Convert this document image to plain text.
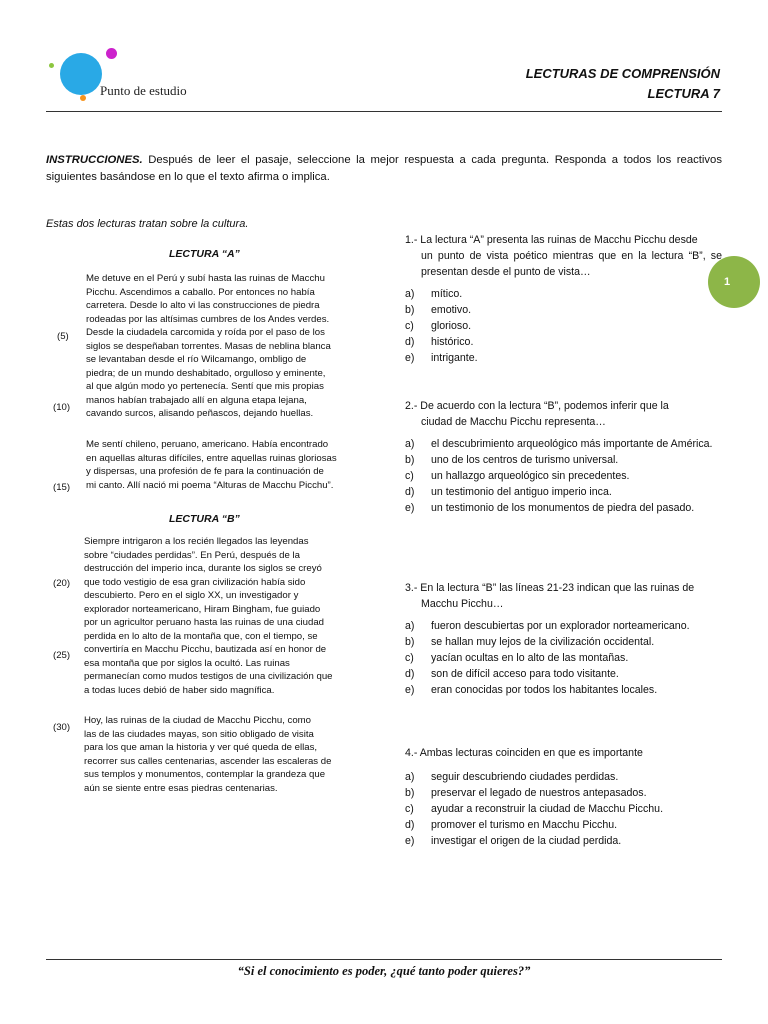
Punto de estudio
LECTURAS DE COMPRENSIÓN
LECTURA 7
1
INSTRUCCIONES. Después de leer el pasaje, seleccione la mejor respuesta a cada pregunta. Responda a todos los reactivos siguientes basándose en lo que el texto afirma o implica.
Estas dos lecturas tratan sobre la cultura.
LECTURA “A”
Me detuve en el Perú y subí hasta las ruinas de Macchu
Picchu. Ascendimos a caballo. Por entonces no había
carretera. Desde lo alto vi las construcciones de piedra
rodeadas por las altísimas cumbres de los Andes verdes.
Desde la ciudadela carcomida y roída por el paso de los
siglos se despeñaban torrentes. Masas de neblina blanca
se levantaban desde el río Wilcamango, ombligo de
piedra; de un mundo deshabitado, orgulloso y eminente,
al que algún modo yo pertenecía. Sentí que mis propias
manos habían trabajado allí en alguna etapa lejana,
cavando surcos, alisando peñascos, dejando huellas.
Me sentí chileno, peruano, americano. Había encontrado
en aquellas alturas difíciles, entre aquellas ruinas gloriosas
y dispersas, una profesión de fe para la continuación de
mi canto. Allí nació mi poema “Alturas de Macchu Picchu”.
LECTURA “B”
Siempre intrigaron a los recién llegados las leyendas
sobre “ciudades perdidas”. En Perú, después de la
destrucción del imperio inca, durante los siglos se creyó
que todo vestigio de esa gran civilización había sido
descubierto. Pero en el siglo XX, un investigador y
explorador norteamericano, Hiram Bingham, fue guiado
por un agricultor peruano hasta las ruinas de una ciudad
perdida en lo alto de la montaña que, con el tiempo, se
convertiría en Macchu Picchu, bautizada así en honor de
esa montaña que por siglos la ocultó. Las ruinas
permanecían como mudos testigos de una civilización que
a todas luces debió de haber sido magnífica.
Hoy, las ruinas de la ciudad de Macchu Picchu, como
las de las ciudades mayas, son sitio obligado de visita
para los que aman la historia y ver qué queda de ellas,
recorrer sus calles centenarias, ascender las escaleras de
sus templos y monumentos, contemplar la grandeza que
aún se siente entre esas piedras centenarias.
(5)
(10)
(15)
(20)
(25)
(30)
1.- La lectura “A” presenta las ruinas de Macchu Picchu desde
un punto de vista poético mientras que en la lectura “B”, se presentan desde el punto de vista…
a)	mítico.
b)	emotivo.
c)	glorioso.
d)	histórico.
e)	intrigante.
2.- De acuerdo con la lectura “B”, podemos inferir que la
ciudad de Macchu Picchu representa…
a)	el descubrimiento arqueológico más importante de América.
b)	uno de los centros de turismo universal.
c)	un hallazgo arqueológico sin precedentes.
d)	un testimonio del antiguo imperio inca.
e)	un testimonio de los monumentos de piedra del pasado.
3.- En la lectura “B” las líneas 21-23 indican que las ruinas de
Macchu Picchu…
a)	fueron descubiertas por un explorador norteamericano.
b)	se hallan muy lejos de la civilización occidental.
c)	yacían ocultas en lo alto de las montañas.
d)	son de difícil acceso para todo visitante.
e)	eran conocidas por todos los habitantes locales.
4.- Ambas lecturas coinciden en que es importante
a)	seguir descubriendo ciudades perdidas.
b)	preservar el legado de nuestros antepasados.
c)	ayudar a reconstruir la ciudad de Macchu Picchu.
d)	promover el turismo en Macchu Picchu.
e)	investigar el origen de la ciudad perdida.
“Si el conocimiento es poder, ¿qué tanto poder quieres?”
